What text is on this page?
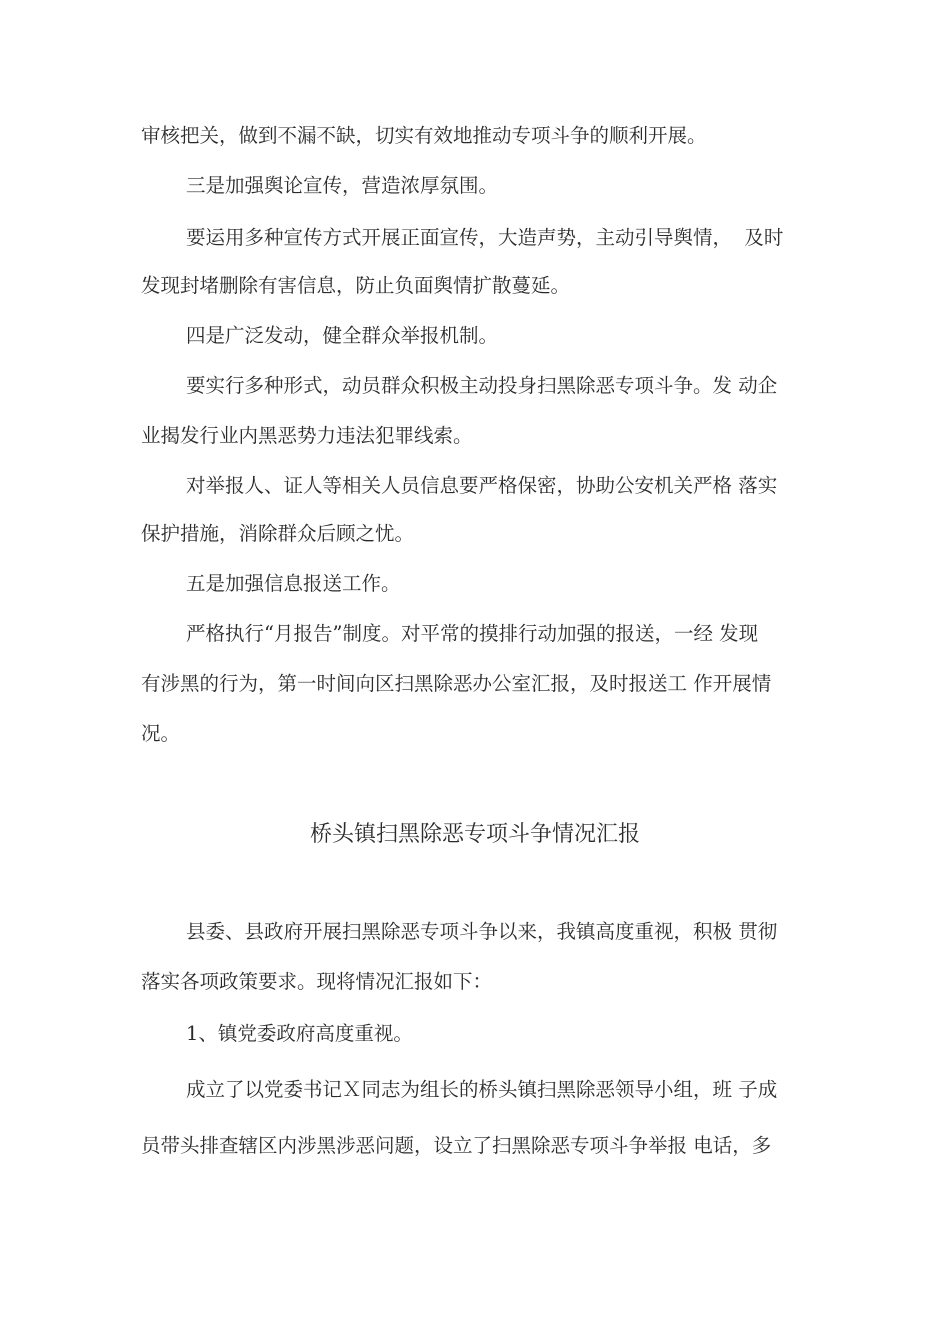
审核把关，做到不漏不缺，切实有效地推动专项斗争的顺利开展。
三是加强舆论宣传，营造浓厚氛围。
要运用多种宣传方式开展正面宣传，大造声势，主动引导舆情，  及时
发现封堵删除有害信息，防止负面舆情扩散蔓延。
四是广泛发动，健全群众举报机制。
要实行多种形式，动员群众积极主动投身扫黑除恶专项斗争。发 动企
业揭发行业内黑恶势力违法犯罪线索。
对举报人、证人等相关人员信息要严格保密，协助公安机关严格 落实
保护措施，消除群众后顾之忧。
五是加强信息报送工作。
严格执行“月报告”制度。对平常的摸排行动加强的报送，一经 发现
有涉黑的行为，第一时间向区扫黑除恶办公室汇报，及时报送工 作开展情
况。
桥头镇扫黑除恶专项斗争情况汇报
县委、县政府开展扫黑除恶专项斗争以来，我镇高度重视，积极 贯彻
落实各项政策要求。现将情况汇报如下：
1、镇党委政府高度重视。
成立了以党委书记Ｘ同志为组长的桥头镇扫黑除恶领导小组，班 子成
员带头排查辖区内涉黑涉恶问题，设立了扫黑除恶专项斗争举报 电话，多
